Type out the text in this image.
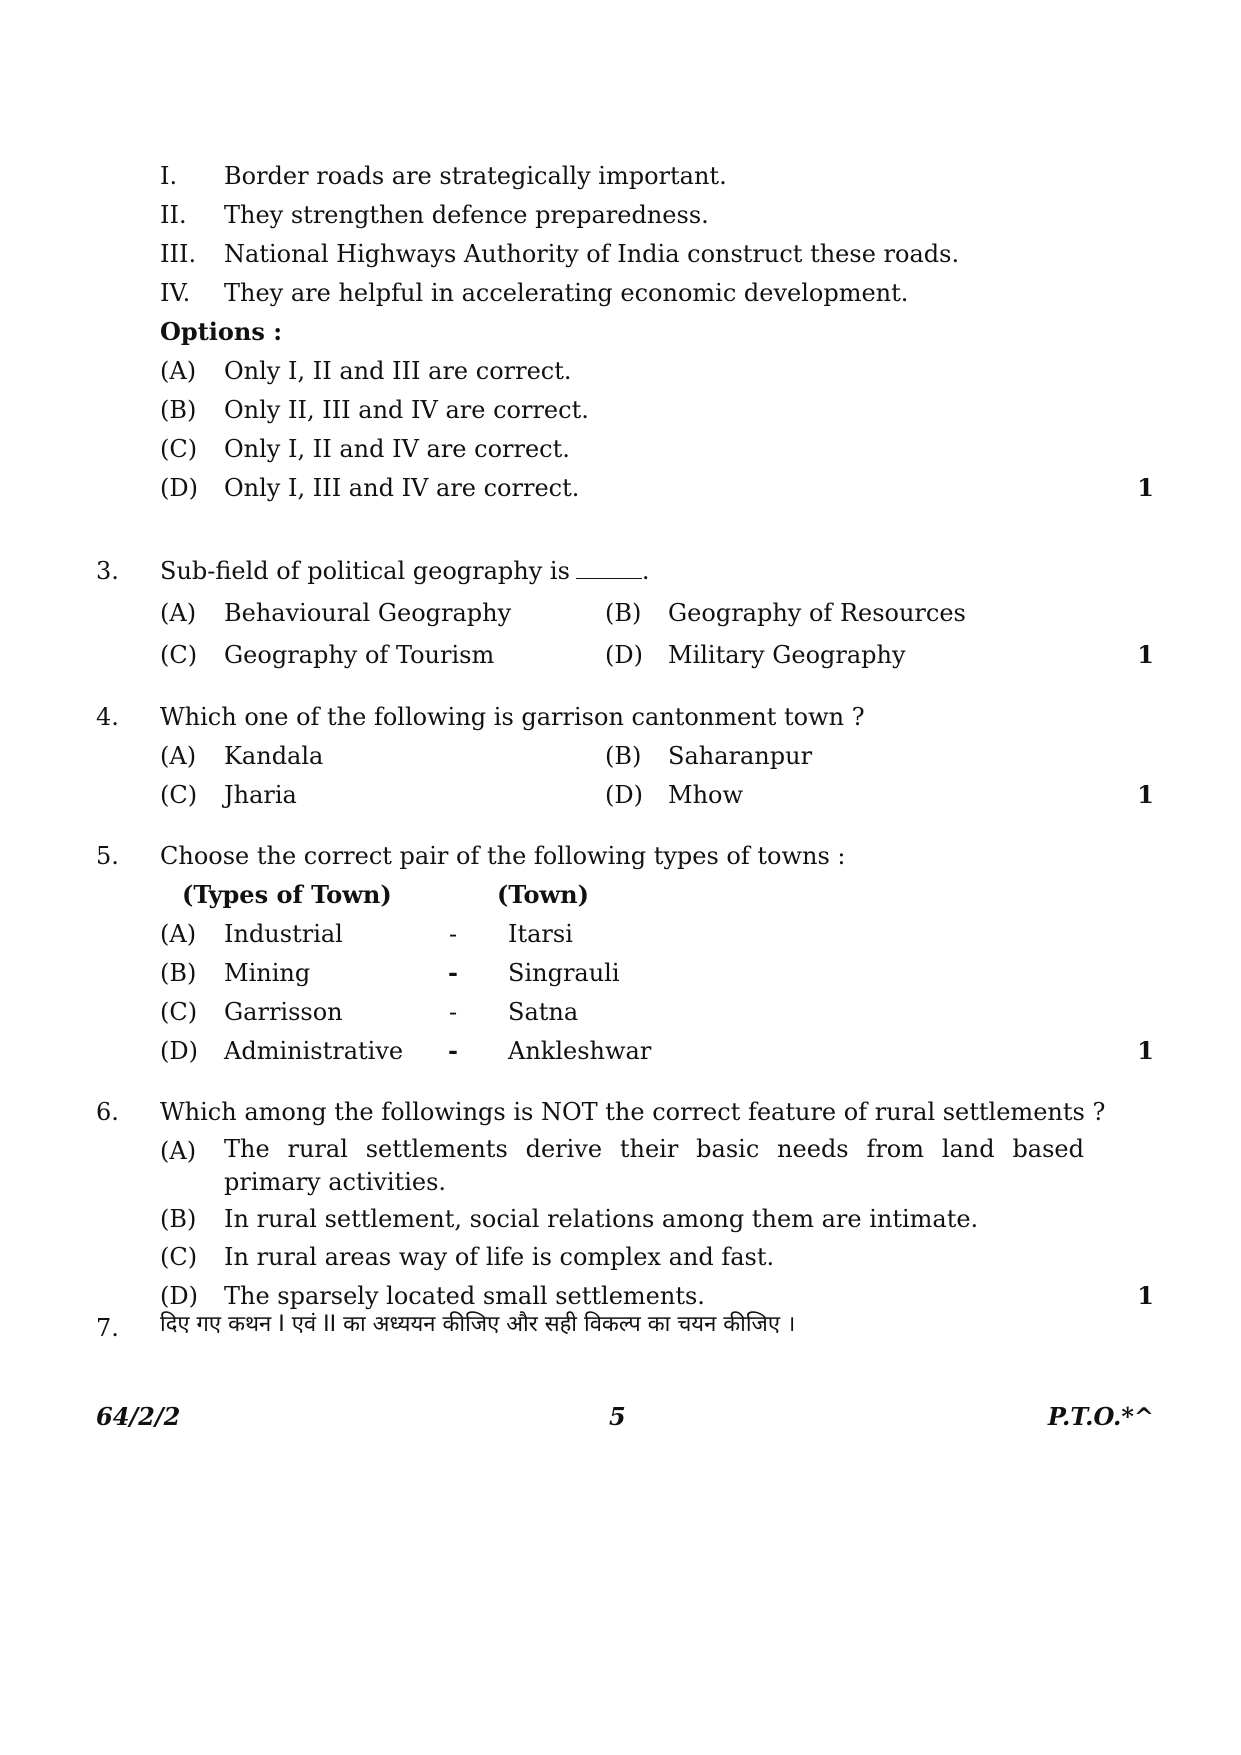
I. Border roads are strategically important.
II. They strengthen defence preparedness.
III. National Highways Authority of India construct these roads.
IV. They are helpful in accelerating economic development.
Options :
(A) Only I, II and III are correct.
(B) Only II, III and IV are correct.
(C) Only I, II and IV are correct.
(D) Only I, III and IV are correct.	1
3. Sub-field of political geography is	.
(A) Behavioural Geography	(B) Geography of Resources
(C) Geography of Tourism	(D) Military Geography	1
4. Which one of the following is garrison cantonment town ?
(A) Kandala	(B) Saharanpur
(C) Jharia	(D) Mhow	1
5. Choose the correct pair of the following types of towns :
(Types of Town)	(Town)
(A) Industrial	- Itarsi
(B) Mining	- Singrauli
(C) Garrisson	- Satna
(D) Administrative - Ankleshwar	1
6. Which among the followings is NOT the correct feature of rural settlements ?
(A) The rural settlements derive their basic needs from land based primary activities.
(B) In rural settlement, social relations among them are intimate.
(C) In rural areas way of life is complex and fast.
(D) The sparsely located small settlements.	1
7. दिए गए कथन I एवं II का अध्ययन कीजिए और सही विकल्प का चयन कीजिए ।
64/2/2	5	P.T.O.*^
